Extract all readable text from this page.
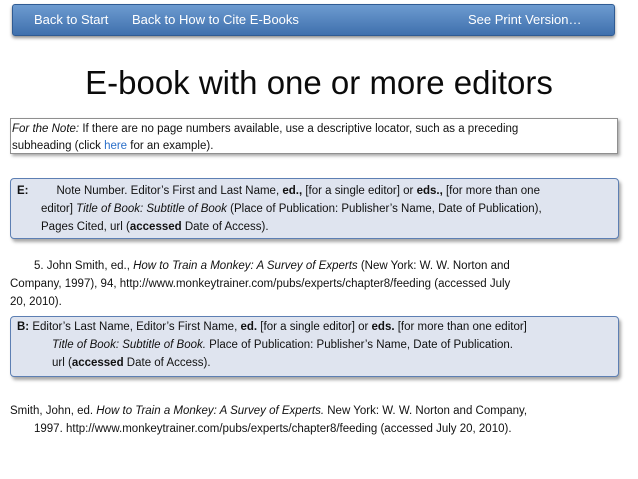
Back to Start Back to How to Cite E-Books	See Print Version…
E-book with one or more editors
For the Note: If there are no page numbers available, use a descriptive locator, such as a preceding
subheading (click here for an example).
E: Note Number. Editor’s First and Last Name, ed., [for a single editor] or eds., [for more than one
editor] Title of Book: Subtitle of Book (Place of Publication: Publisher’s Name, Date of Publication),
Pages Cited, url (accessed Date of Access).
5. John Smith, ed., How to Train a Monkey: A Survey of Experts (New York: W. W. Norton and
Company, 1997), 94, http://www.monkeytrainer.com/pubs/experts/chapter8/feeding (accessed July
20, 2010).
B: Editor’s Last Name, Editor’s First Name, ed. [for a single editor] or eds. [for more than one editor]
Title of Book: Subtitle of Book. Place of Publication: Publisher’s Name, Date of Publication.
url (accessed Date of Access).
Smith, John, ed. How to Train a Monkey: A Survey of Experts. New York: W. W. Norton and Company,
1997. http://www.monkeytrainer.com/pubs/experts/chapter8/feeding (accessed July 20, 2010).
